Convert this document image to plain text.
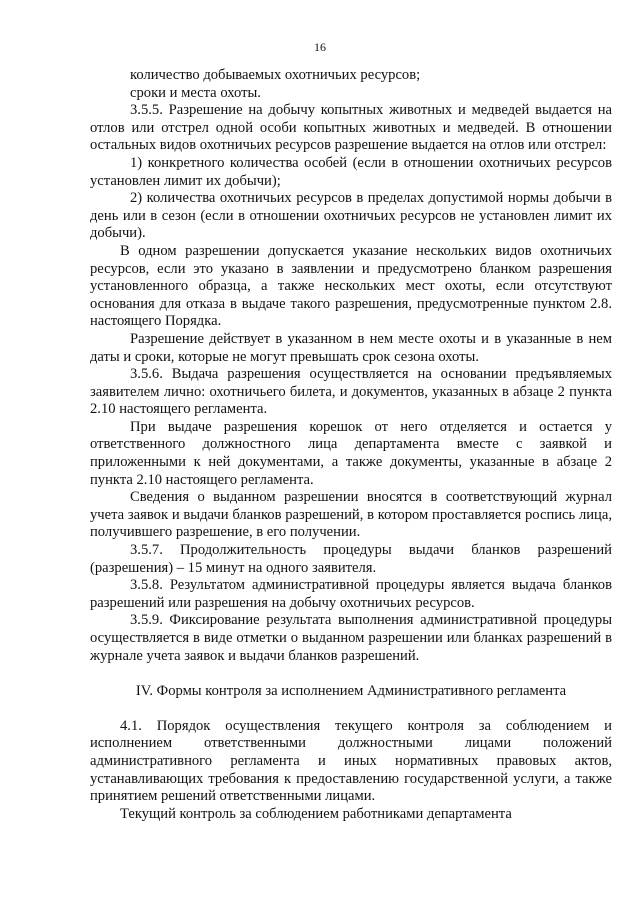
16

количество добываемых охотничьих ресурсов;

сроки и места охоты.

3.5.5. Разрешение на добычу копытных животных и медведей выдается на отлов или отстрел одной особи копытных животных и медведей. В отношении остальных видов охотничьих ресурсов разрешение выдается на отлов или отстрел:

1) конкретного количества особей (если в отношении охотничьих ресурсов установлен лимит их добычи);

2) количества охотничьих ресурсов в пределах допустимой нормы добычи в день или в сезон (если в отношении охотничьих ресурсов не установлен лимит их добычи).

В одном разрешении допускается указание нескольких видов охотничьих ресурсов, если это указано в заявлении и предусмотрено бланком разрешения установленного образца, а также нескольких мест охоты, если отсутствуют основания для отказа в выдаче такого разрешения, предусмотренные пунктом 2.8. настоящего Порядка.

Разрешение действует в указанном в нем месте охоты и в указанные в нем даты и сроки, которые не могут превышать срок сезона охоты.

3.5.6. Выдача разрешения осуществляется на основании предъявляемых заявителем лично: охотничьего билета, и документов, указанных в абзаце 2 пункта 2.10 настоящего регламента.

При выдаче разрешения корешок от него отделяется и остается у ответственного должностного лица департамента вместе с заявкой и приложенными к ней документами, а также документы, указанные в абзаце 2 пункта 2.10 настоящего регламента.

Сведения о выданном разрешении вносятся в соответствующий журнал учета заявок и выдачи бланков разрешений, в котором проставляется роспись лица, получившего разрешение, в его получении.

3.5.7. Продолжительность процедуры выдачи бланков разрешений (разрешения) – 15 минут на одного заявителя.

3.5.8. Результатом административной процедуры является выдача бланков разрешений или разрешения на добычу охотничьих ресурсов.

3.5.9. Фиксирование результата выполнения административной процедуры осуществляется в виде отметки о выданном разрешении или бланках разрешений в журнале учета заявок и выдачи бланков разрешений.

IV. Формы контроля за исполнением Административного регламента

4.1. Порядок осуществления текущего контроля за соблюдением и исполнением ответственными должностными лицами положений административного регламента и иных нормативных правовых актов, устанавливающих требования к предоставлению государственной услуги, а также принятием решений ответственными лицами.

Текущий контроль за соблюдением работниками департамента
